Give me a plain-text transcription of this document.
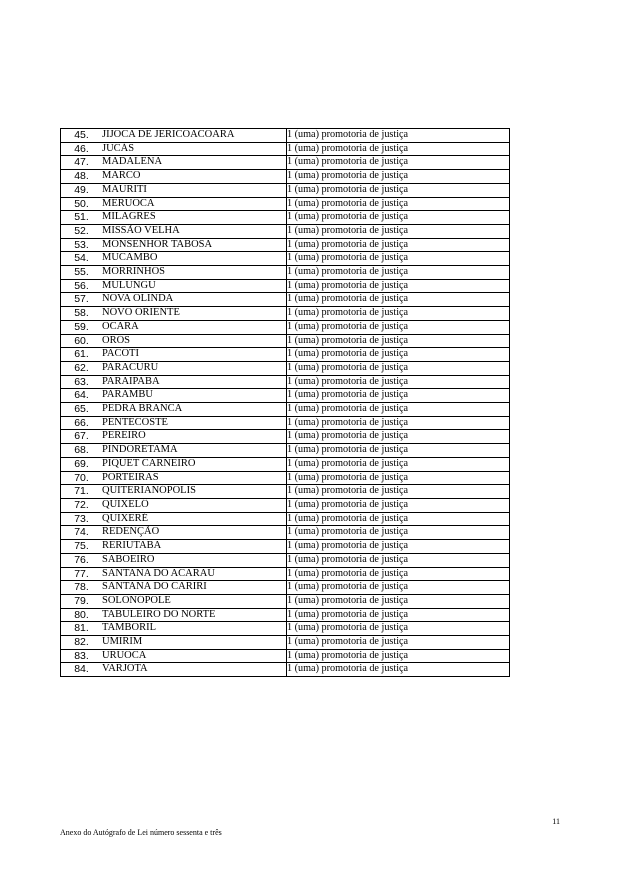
45.	JIJOCA DE JERICOACOARA	1 (uma) promotoria de justiça
46.	JUCÁS	1 (uma) promotoria de justiça
47.	MADALENA	1 (uma) promotoria de justiça
48.	MARCO	1 (uma) promotoria de justiça
49.	MAURITI	1 (uma) promotoria de justiça
50.	MERUOCA	1 (uma) promotoria de justiça
51.	MILAGRES	1 (uma) promotoria de justiça
52.	MISSÃO VELHA	1 (uma) promotoria de justiça
53.	MONSENHOR TABOSA	1 (uma) promotoria de justiça
54.	MUCAMBO	1 (uma) promotoria de justiça
55.	MORRINHOS	1 (uma) promotoria de justiça
56.	MULUNGU	1 (uma) promotoria de justiça
57.	NOVA OLINDA	1 (uma) promotoria de justiça
58.	NOVO ORIENTE	1 (uma) promotoria de justiça
59.	OCARA	1 (uma) promotoria de justiça
60.	ORÓS	1 (uma) promotoria de justiça
61.	PACOTI	1 (uma) promotoria de justiça
62.	PARACURU	1 (uma) promotoria de justiça
63.	PARAIPABA	1 (uma) promotoria de justiça
64.	PARAMBU	1 (uma) promotoria de justiça
65.	PEDRA BRANCA	1 (uma) promotoria de justiça
66.	PENTECOSTE	1 (uma) promotoria de justiça
67.	PEREIRO	1 (uma) promotoria de justiça
68.	PINDORETAMA	1 (uma) promotoria de justiça
69.	PIQUET CARNEIRO	1 (uma) promotoria de justiça
70.	PORTEIRAS	1 (uma) promotoria de justiça
71.	QUITERIANÓPOLIS	1 (uma) promotoria de justiça
72.	QUIXELÔ	1 (uma) promotoria de justiça
73.	QUIXERÉ	1 (uma) promotoria de justiça
74.	REDENÇÃO	1 (uma) promotoria de justiça
75.	RERIUTABA	1 (uma) promotoria de justiça
76.	SABOEIRO	1 (uma) promotoria de justiça
77.	SANTANA DO ACARAÚ	1 (uma) promotoria de justiça
78.	SANTANA DO CARIRI	1 (uma) promotoria de justiça
79.	SOLONÓPOLE	1 (uma) promotoria de justiça
80.	TABULEIRO DO NORTE	1 (uma) promotoria de justiça
81.	TAMBORIL	1 (uma) promotoria de justiça
82.	UMIRIM	1 (uma) promotoria de justiça
83.	URUOCA	1 (uma) promotoria de justiça
84.	VARJOTA	1 (uma) promotoria de justiça
11
Anexo do Autógrafo de Lei número sessenta e três
